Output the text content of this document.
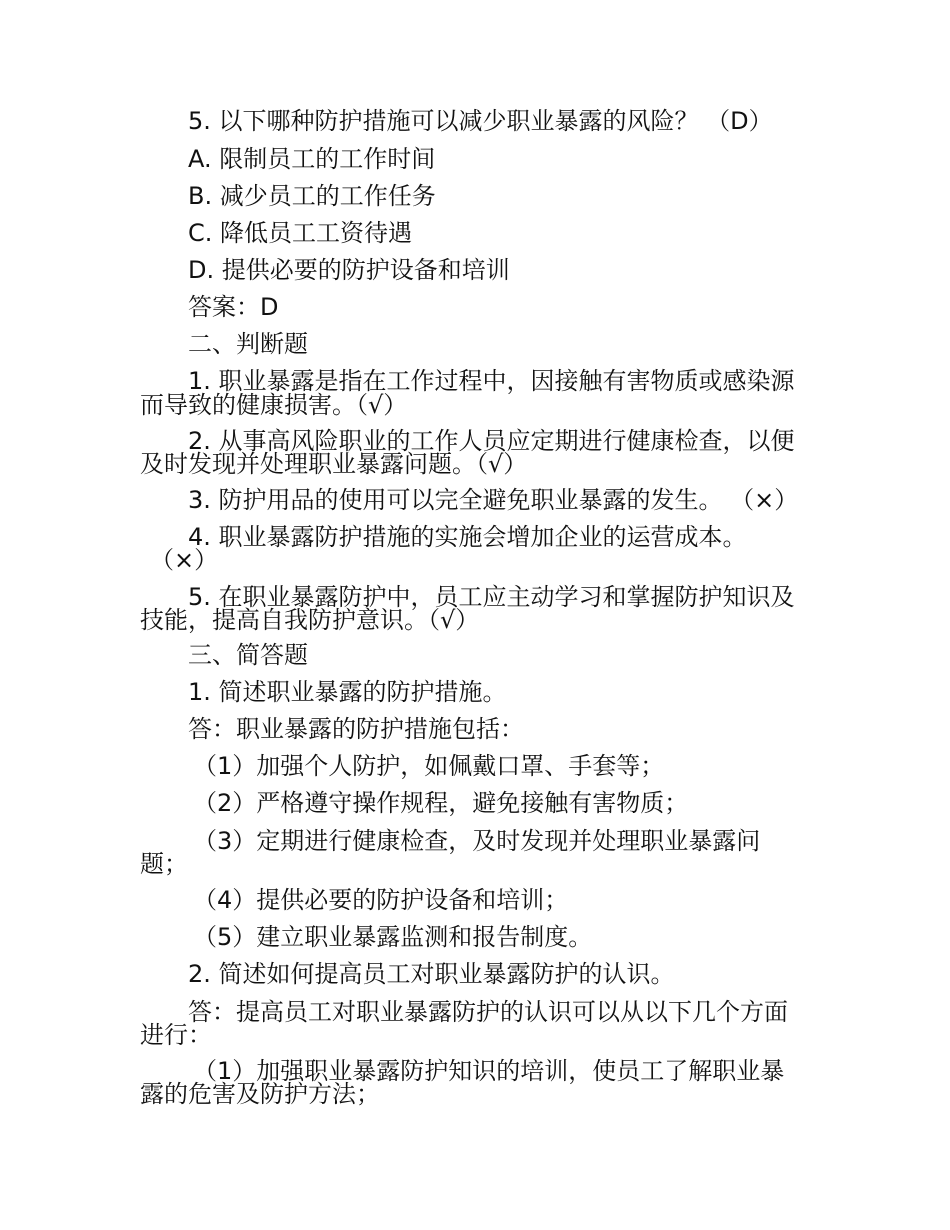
5. 以下哪种防护措施可以减少职业暴露的风险？ （D）
A. 限制员工的工作时间
B. 减少员工的工作任务
C. 降低员工工资待遇
D. 提供必要的防护设备和培训
答案：D
二、判断题
1. 职业暴露是指在工作过程中，因接触有害物质或感染源
而导致的健康损害。（√）
2. 从事高风险职业的工作人员应定期进行健康检查，以便
及时发现并处理职业暴露问题。（√）
3. 防护用品的使用可以完全避免职业暴露的发生。 （×）
4. 职业暴露防护措施的实施会增加企业的运营成本。
（×）
5. 在职业暴露防护中，员工应主动学习和掌握防护知识及
技能，提高自我防护意识。（√）
三、简答题
1. 简述职业暴露的防护措施。
答：职业暴露的防护措施包括：
（1）加强个人防护，如佩戴口罩、手套等；
（2）严格遵守操作规程，避免接触有害物质；
（3）定期进行健康检查，及时发现并处理职业暴露问
题；
（4）提供必要的防护设备和培训；
（5）建立职业暴露监测和报告制度。
2. 简述如何提高员工对职业暴露防护的认识。
答：提高员工对职业暴露防护的认识可以从以下几个方面
进行：
（1）加强职业暴露防护知识的培训，使员工了解职业暴
露的危害及防护方法；
